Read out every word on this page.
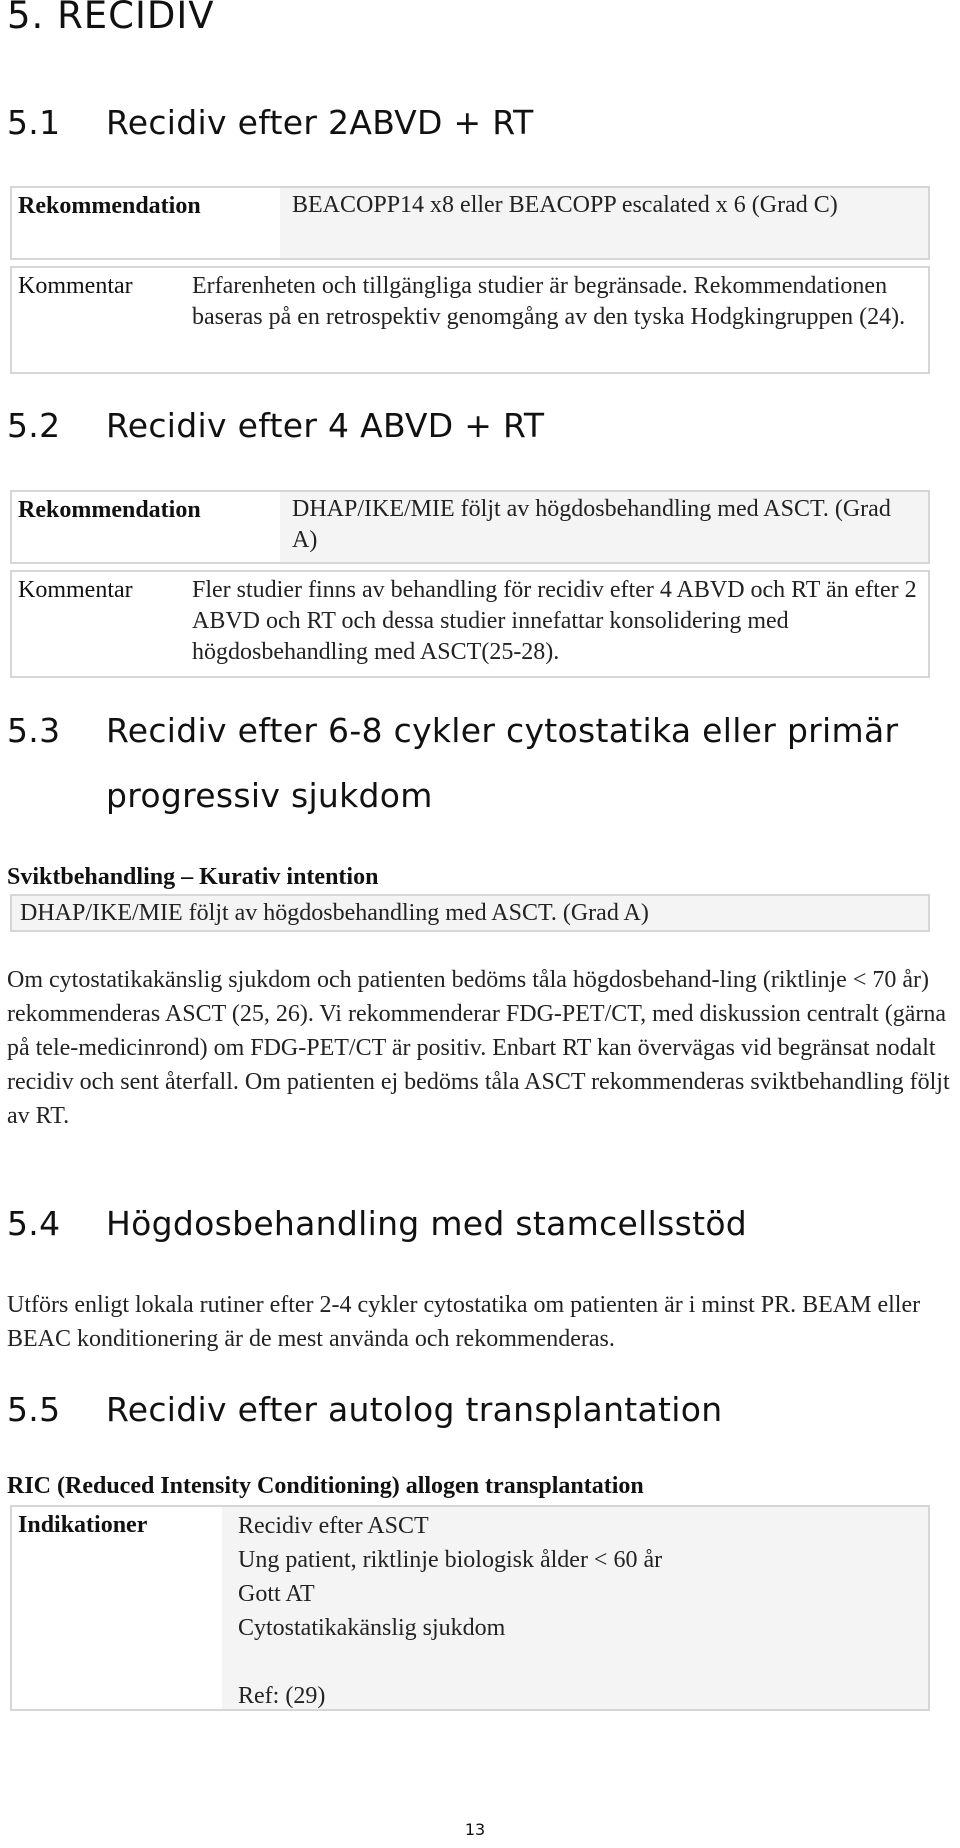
5. RECIDIV
5.1 Recidiv efter 2ABVD + RT
Rekommendation	BEACOPP14 x8 eller BEACOPP escalated x 6 (Grad C)
Kommentar Erfarenheten och tillgängliga studier är begränsade. Rekommendationen baseras på en retrospektiv genomgång av den tyska Hodgkingruppen (24).
5.2 Recidiv efter 4 ABVD + RT
Rekommendation	DHAP/IKE/MIE följt av högdosbehandling med ASCT. (Grad A)
Kommentar Fler studier finns av behandling för recidiv efter 4 ABVD och RT än efter 2 ABVD och RT och dessa studier innefattar konsolidering med högdosbehandling med ASCT(25-28).
5.3 Recidiv efter 6-8 cykler cytostatika eller primär
progressiv sjukdom
Sviktbehandling – Kurativ intention
DHAP/IKE/MIE följt av högdosbehandling med ASCT. (Grad A)
Om cytostatikakänslig sjukdom och patienten bedöms tåla högdosbehand-ling (riktlinje < 70 år) rekommenderas ASCT (25, 26). Vi rekommenderar FDG-PET/CT, med diskussion centralt (gärna på tele-medicinrond) om FDG-PET/CT är positiv. Enbart RT kan övervägas vid begränsat nodalt recidiv och sent återfall. Om patienten ej bedöms tåla ASCT rekommenderas sviktbehandling följt av RT.
5.4 Högdosbehandling med stamcellsstöd
Utförs enligt lokala rutiner efter 2-4 cykler cytostatika om patienten är i minst PR. BEAM eller BEAC konditionering är de mest använda och rekommenderas.
5.5 Recidiv efter autolog transplantation
RIC (Reduced Intensity Conditioning) allogen transplantation
Indikationer	Recidiv efter ASCT
Ung patient, riktlinje biologisk ålder < 60 år
Gott AT
Cytostatikakänslig sjukdom
Ref: (29)
13
